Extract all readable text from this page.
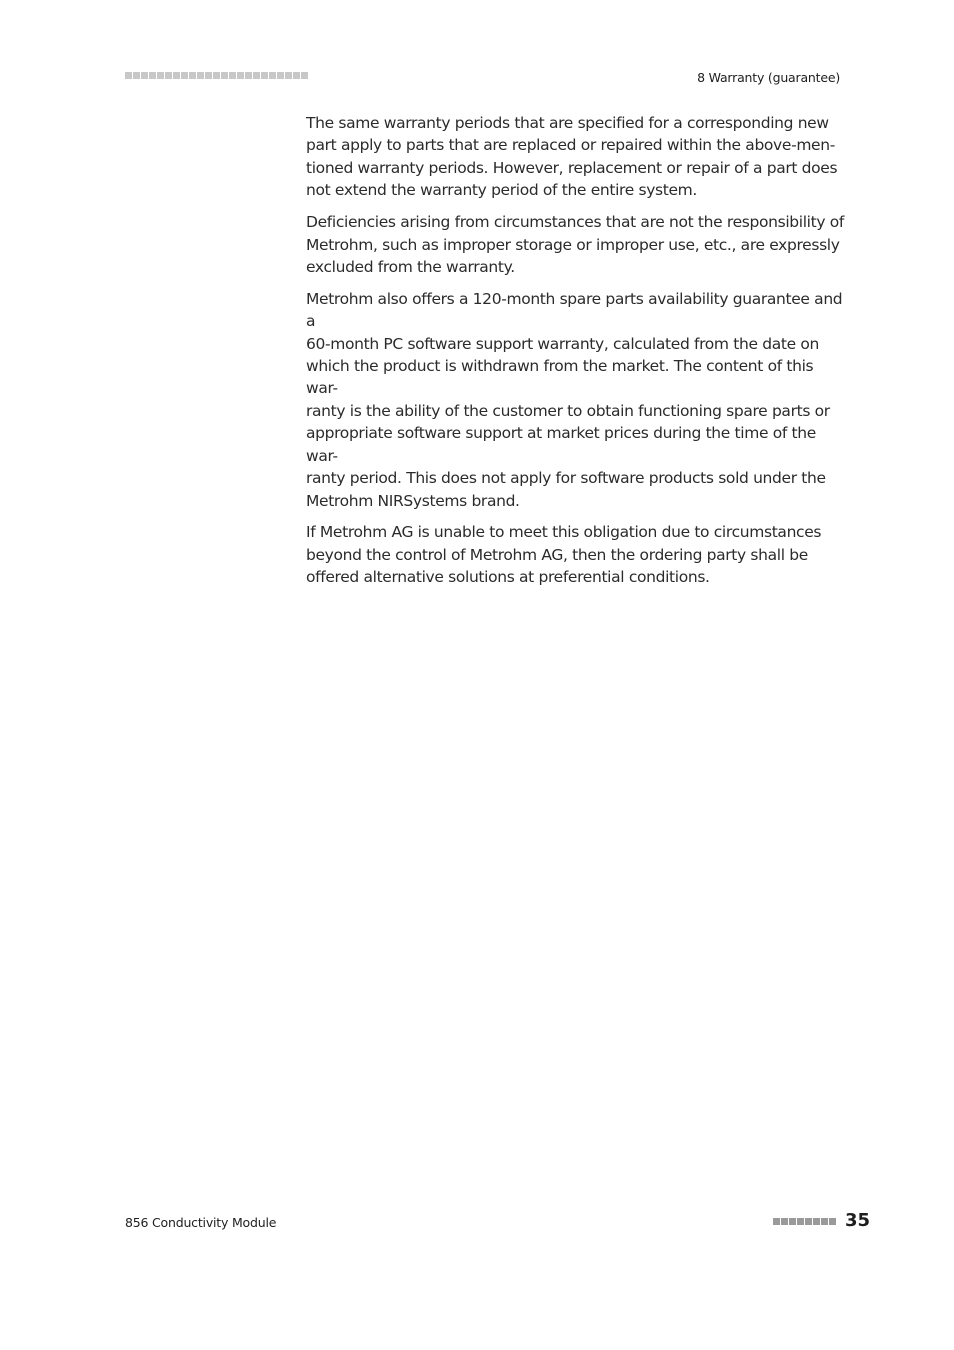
8 Warranty (guarantee)

The same warranty periods that are specified for a corresponding new
part apply to parts that are replaced or repaired within the above-men-
tioned warranty periods. However, replacement or repair of a part does
not extend the warranty period of the entire system.

Deficiencies arising from circumstances that are not the responsibility of
Metrohm, such as improper storage or improper use, etc., are expressly
excluded from the warranty.

Metrohm also offers a 120-month spare parts availability guarantee and a
60-month PC software support warranty, calculated from the date on
which the product is withdrawn from the market. The content of this war-
ranty is the ability of the customer to obtain functioning spare parts or
appropriate software support at market prices during the time of the war-
ranty period. This does not apply for software products sold under the
Metrohm NIRSystems brand.

If Metrohm AG is unable to meet this obligation due to circumstances
beyond the control of Metrohm AG, then the ordering party shall be
offered alternative solutions at preferential conditions.

856 Conductivity Module	35
